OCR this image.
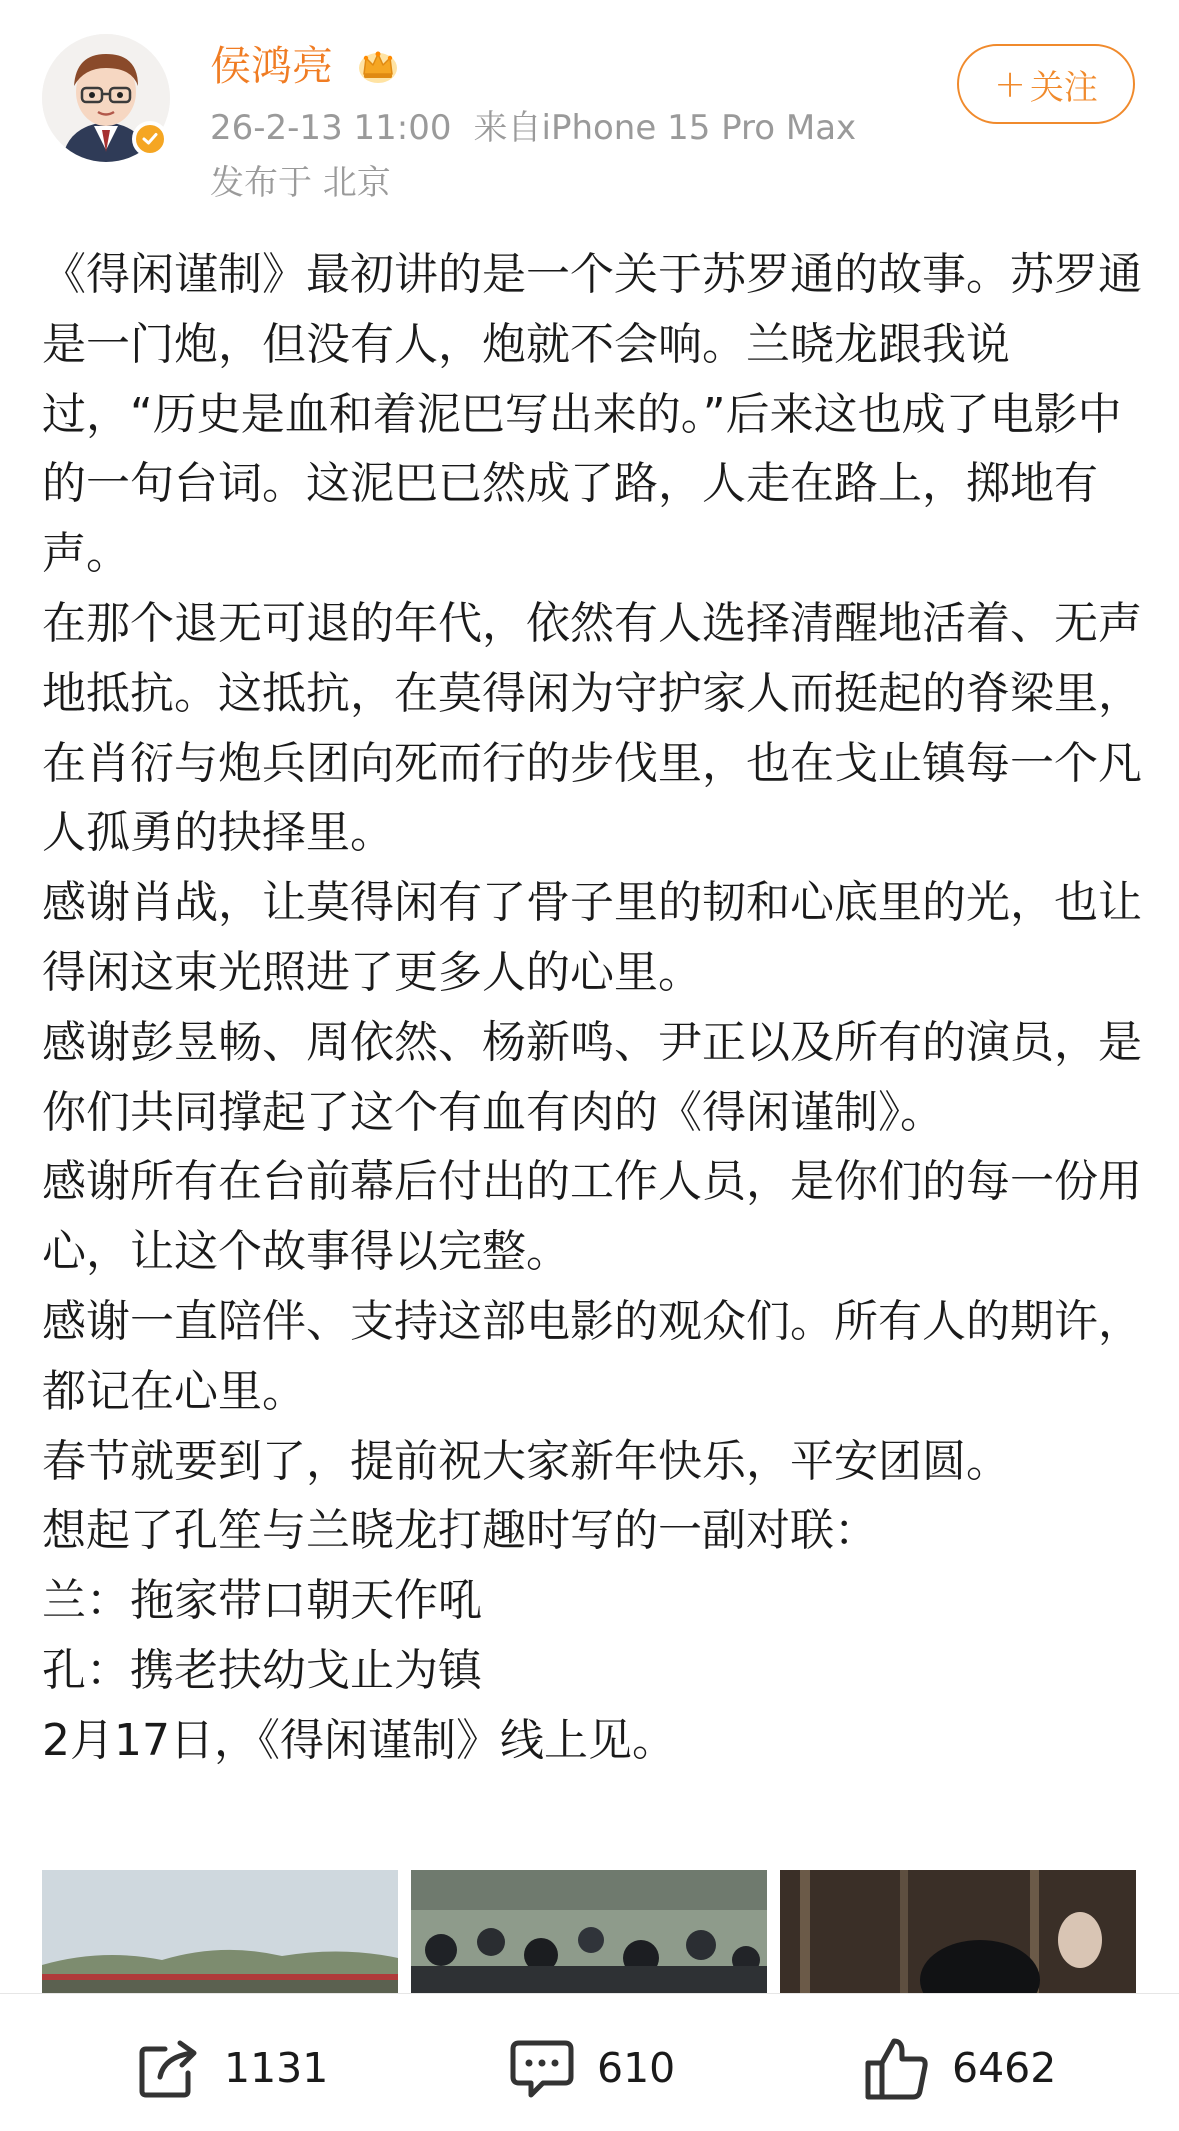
侯鸿亮
26-2-13 11:00 来自iPhone 15 Pro Max
发布于 北京
+ 关注

《得闲谨制》最初讲的是一个关于苏罗通的故事。苏罗通是一门炮，但没有人，炮就不会响。兰晓龙跟我说过，“历史是血和着泥巴写出来的。”后来这也成了电影中的一句台词。这泥巴已然成了路，人走在路上，掷地有声。

在那个退无可退的年代，依然有人选择清醒地活着、无声地抵抗。这抵抗，在莫得闲为守护家人而挺起的脊梁里，在肖衍与炮兵团向死而行的步伐里，也在戈止镇每一个凡人孤勇的抉择里。

感谢肖战，让莫得闲有了骨子里的韧和心底里的光，也让得闲这束光照进了更多人的心里。

感谢彭昱畅、周依然、杨新鸣、尹正以及所有的演员，是你们共同撑起了这个有血有肉的《得闲谨制》。

感谢所有在台前幕后付出的工作人员，是你们的每一份用心，让这个故事得以完整。

感谢一直陪伴、支持这部电影的观众们。所有人的期许，都记在心里。

春节就要到了，提前祝大家新年快乐，平安团圆。

想起了孔笙与兰晓龙打趣时写的一副对联：

兰：拖家带口朝天作吼

孔：携老扶幼戈止为镇

2月17日，《得闲谨制》线上见。

1131	610	6462
